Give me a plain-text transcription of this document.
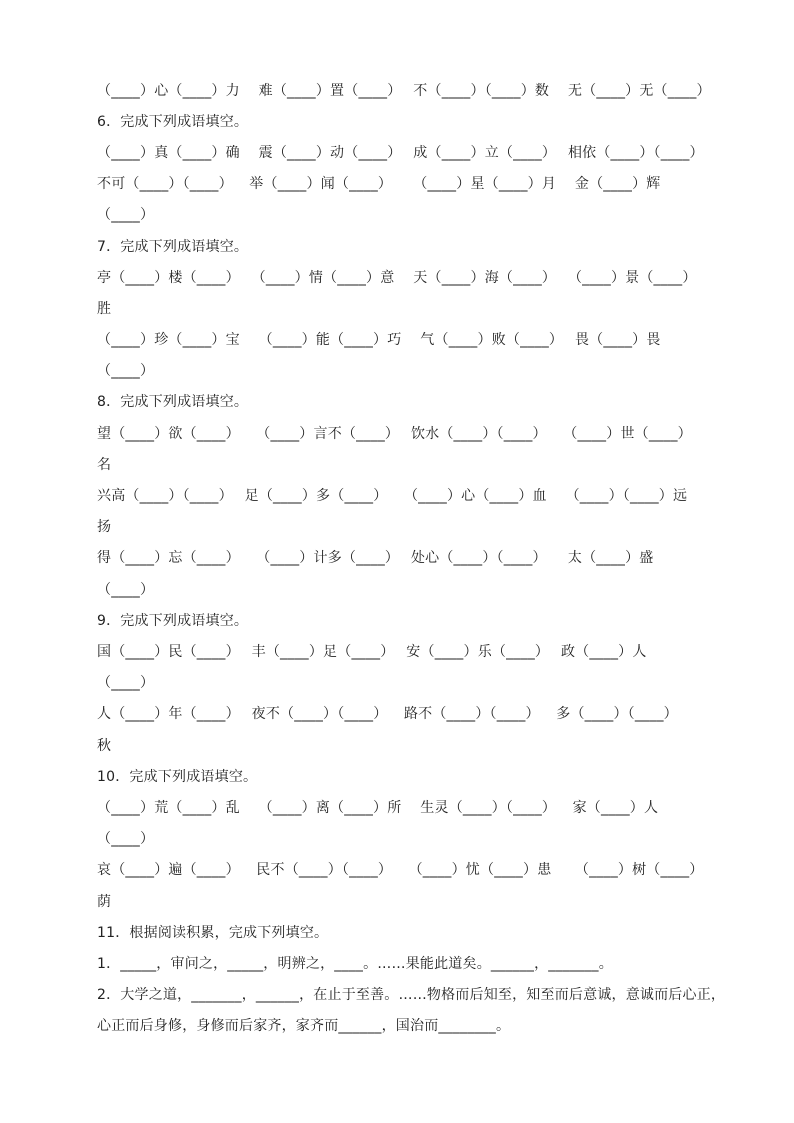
（____）心（____）力　 难（____）置（____）　 不（____）（____）数　 无（____）无（____）
6．完成下列成语填空。
（____）真（____）确　 震（____）动（____）　 成（____）立（____）　 相依（____）（____）
不可（____）（____）　  举（____）闻（____）　   （____）星（____）月　 金（____）辉
（____）
7．完成下列成语填空。
亭（____）楼（____）　 （____）情（____）意　 天（____）海（____）　 （____）景（____）
胜
（____）珍（____）宝　 （____）能（____）巧　 气（____）败（____）　 畏（____）畏
（____）
8．完成下列成语填空。
望（____）欲（____）　  （____）言不（____）　 饮水（____）（____）　  （____）世（____）
名
兴高（____）（____）　 足（____）多（____）　  （____）心（____）血　 （____）（____）远
扬
得（____）忘（____）　  （____）计多（____）　 处心（____）（____）　   太（____）盛
（____）
9．完成下列成语填空。
国（____）民（____）　 丰（____）足（____）　 安（____）乐（____）　 政（____）人
（____）
人（____）年（____）　 夜不（____）（____）　  路不（____）（____）　  多（____）（____）
秋
10．完成下列成语填空。
（____）荒（____）乱　 （____）离（____）所　 生灵（____）（____）　  家（____）人
（____）
哀（____）遍（____）　  民不（____）（____）　  （____）忧（____）患　  （____）树（____）
荫
11．根据阅读积累，完成下列填空。
1．_____，审问之，_____，明辨之，____。……果能此道矣。______，_______。
2．大学之道，_______，______，在止于至善。……物格而后知至，知至而后意诚，意诚而后心正，
心正而后身修，身修而后家齐，家齐而______，国治而________。
